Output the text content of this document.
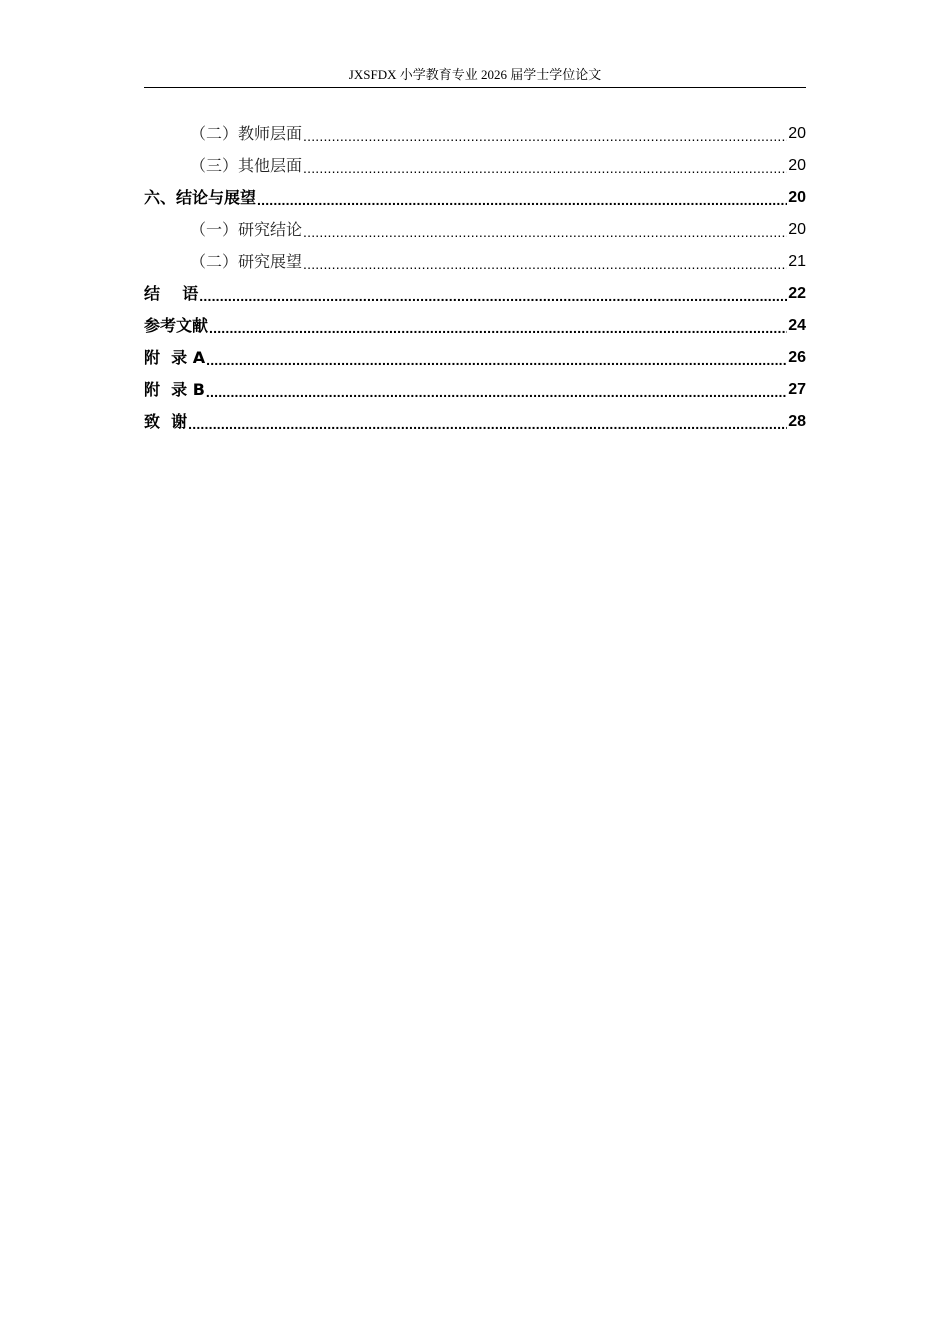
JXSFDX 小学教育专业 2026 届学士学位论文
（二）教师层面 .....	20
（三）其他层面 .....	20
六、结论与展望 .....	20
（一）研究结论 .....	20
（二）研究展望 .....	21
结    语 .....	22
参考文献 .....	24
附  录 A .....	26
附  录 B .....	27
致  谢 .....	28
